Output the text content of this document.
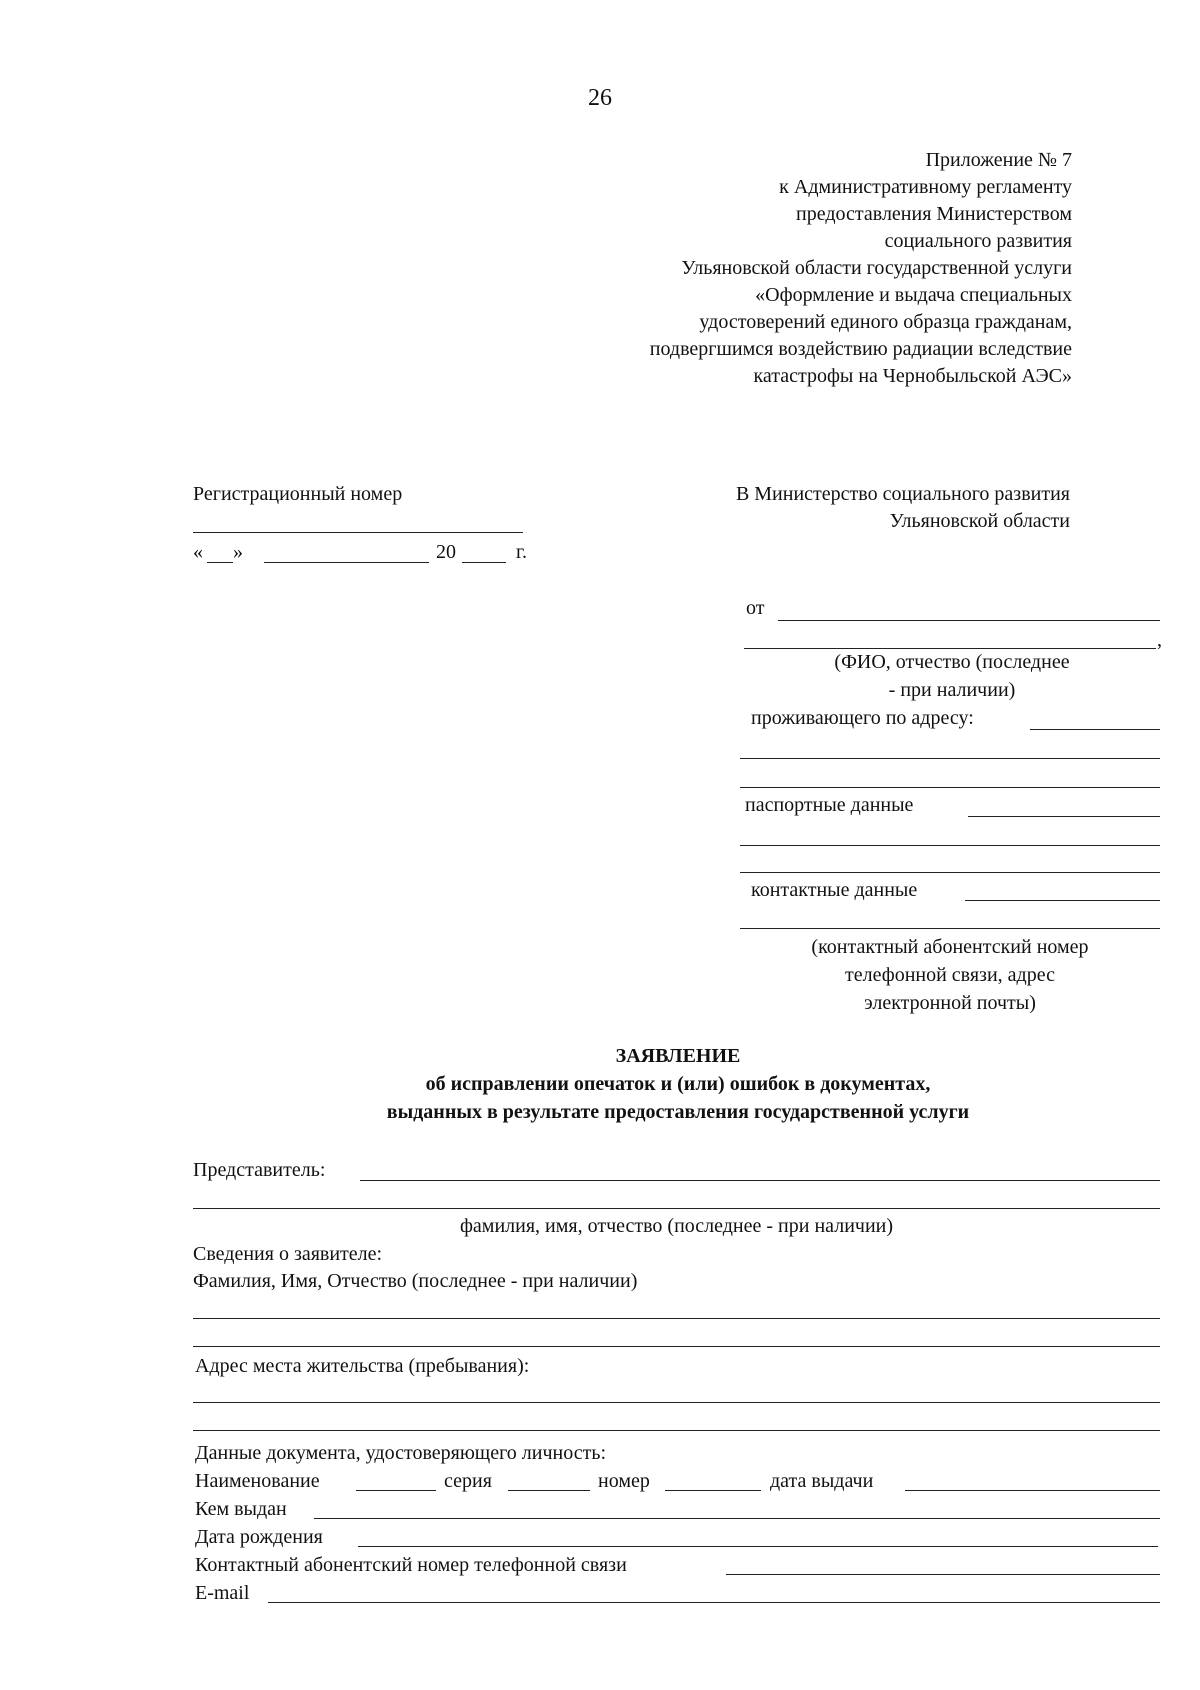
26
Приложение № 7
к Административному регламенту
предоставления Министерством
социального развития
Ульяновской области государственной услуги
«Оформление и выдача специальных
удостоверений единого образца гражданам,
подвергшимся воздействию радиации вследствие
катастрофы на Чернобыльской АЭС»
Регистрационный номер
« »	20	г.
В Министерство социального развития
Ульяновской области
от
,
(ФИО, отчество (последнее
- при наличии)
проживающего по адресу:
паспортные данные
контактные данные
(контактный абонентский номер
телефонной связи, адрес
электронной почты)
ЗАЯВЛЕНИЕ
об исправлении опечаток и (или) ошибок в документах,
выданных в результате предоставления государственной услуги
Представитель:
фамилия, имя, отчество (последнее - при наличии)
Сведения о заявителе:
Фамилия, Имя, Отчество (последнее - при наличии)
Адрес места жительства (пребывания):
Данные документа, удостоверяющего личность:
Наименование	серия	номер	дата выдачи
Кем выдан
Дата рождения
Контактный абонентский номер телефонной связи
E-mail
